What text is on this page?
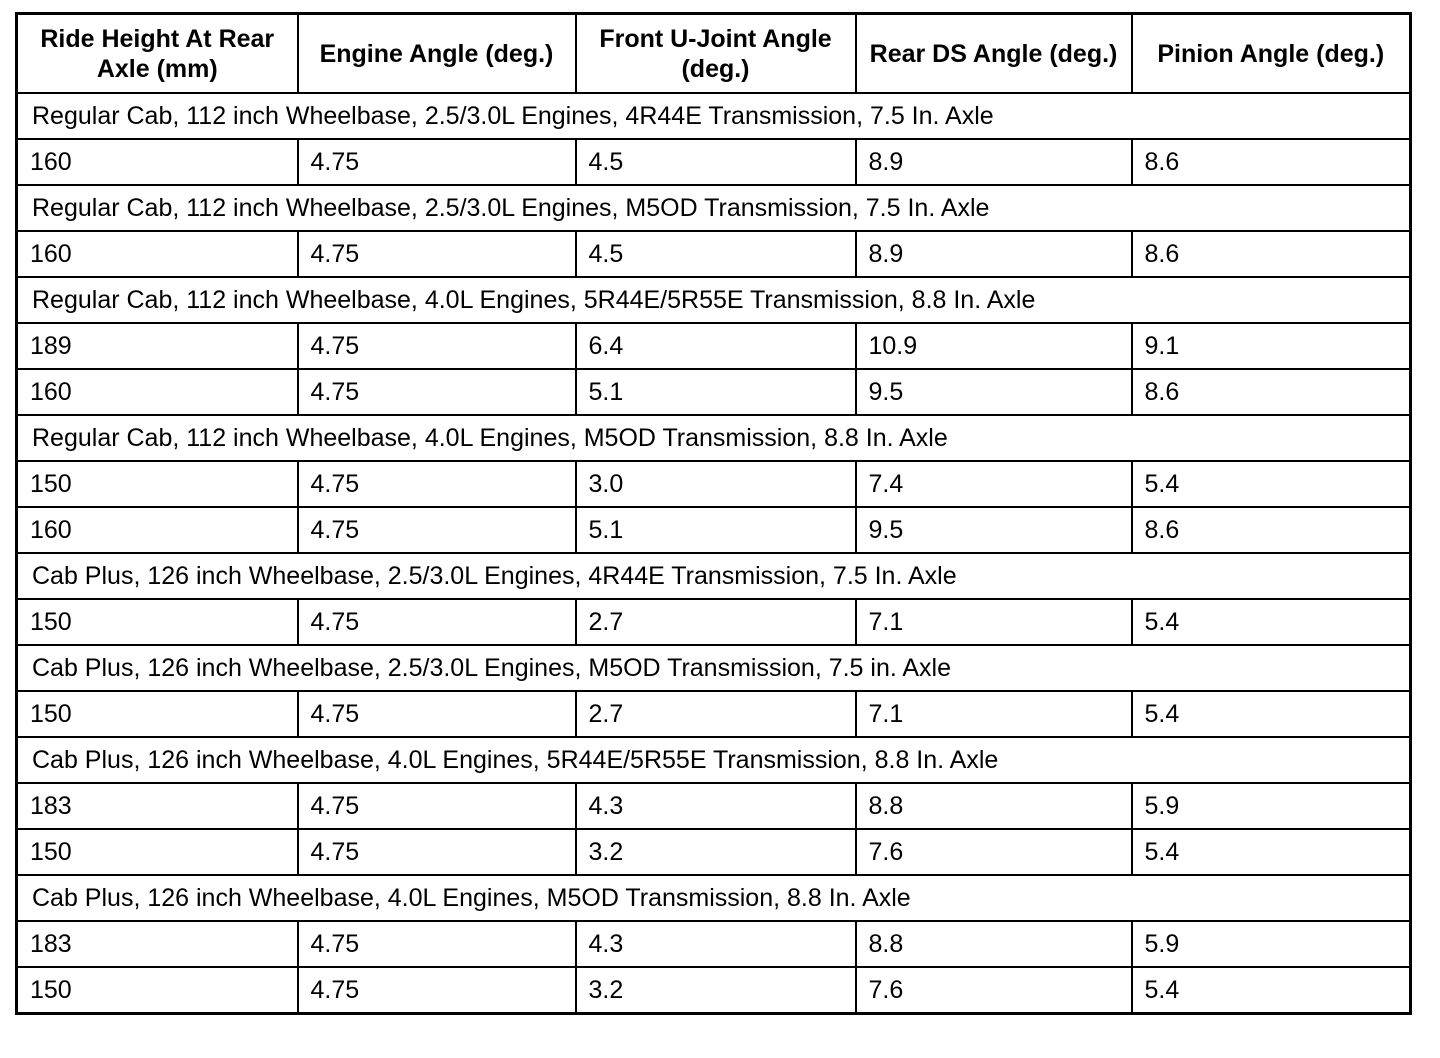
Ride Height At Rear Axle (mm)	Engine Angle (deg.)	Front U-Joint Angle (deg.)	Rear DS Angle (deg.)	Pinion Angle (deg.)
Regular Cab, 112 inch Wheelbase, 2.5/3.0L Engines, 4R44E Transmission, 7.5 In. Axle				
160	4.75	4.5	8.9	8.6
Regular Cab, 112 inch Wheelbase, 2.5/3.0L Engines, M5OD Transmission, 7.5 In. Axle				
160	4.75	4.5	8.9	8.6
Regular Cab, 112 inch Wheelbase, 4.0L Engines, 5R44E/5R55E Transmission, 8.8 In. Axle				
189	4.75	6.4	10.9	9.1
160	4.75	5.1	9.5	8.6
Regular Cab, 112 inch Wheelbase, 4.0L Engines, M5OD Transmission, 8.8 In. Axle				
150	4.75	3.0	7.4	5.4
160	4.75	5.1	9.5	8.6
Cab Plus, 126 inch Wheelbase, 2.5/3.0L Engines, 4R44E Transmission, 7.5 In. Axle				
150	4.75	2.7	7.1	5.4
Cab Plus, 126 inch Wheelbase, 2.5/3.0L Engines, M5OD Transmission, 7.5 in. Axle				
150	4.75	2.7	7.1	5.4
Cab Plus, 126 inch Wheelbase, 4.0L Engines, 5R44E/5R55E Transmission, 8.8 In. Axle				
183	4.75	4.3	8.8	5.9
150	4.75	3.2	7.6	5.4
Cab Plus, 126 inch Wheelbase, 4.0L Engines, M5OD Transmission, 8.8 In. Axle				
183	4.75	4.3	8.8	5.9
150	4.75	3.2	7.6	5.4
